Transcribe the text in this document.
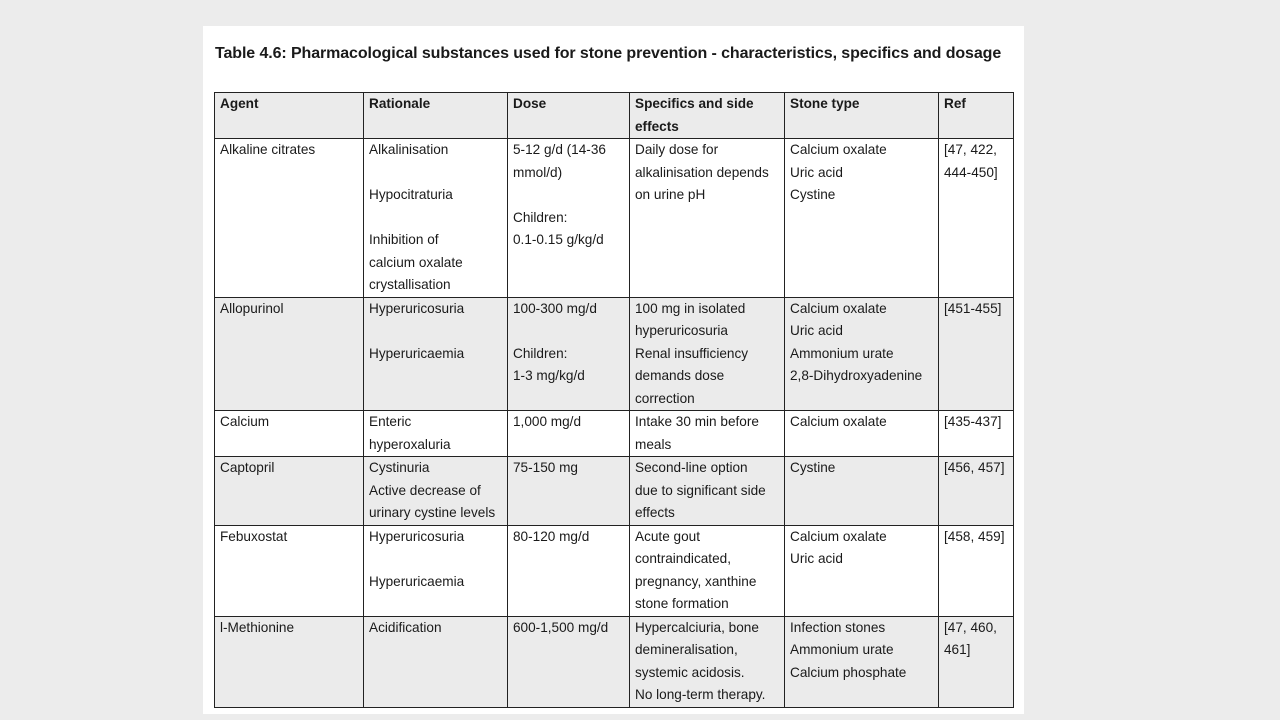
Table 4.6: Pharmacological substances used for stone prevention - characteristics, specifics and dosage
Agent	Rationale	Dose	Specifics and side
effects	Stone type	Ref

Alkaline citrates	Alkalinisation
Hypocitraturia
Inhibition of
calcium oxalate
crystallisation	5-12 g/d (14-36
mmol/d)
Children:
0.1-0.15 g/kg/d	Daily dose for
alkalinisation depends
on urine pH	Calcium oxalate
Uric acid
Cystine	[47, 422,
444-450]

Allopurinol	Hyperuricosuria
Hyperuricaemia	100-300 mg/d
Children:
1-3 mg/kg/d	100 mg in isolated
hyperuricosuria
Renal insufficiency
demands dose
correction	Calcium oxalate
Uric acid
Ammonium urate
2,8-Dihydroxyadenine	[451-455]

Calcium	Enteric
hyperoxaluria	1,000 mg/d	Intake 30 min before
meals	Calcium oxalate	[435-437]

Captopril	Cystinuria
Active decrease of
urinary cystine levels	75-150 mg	Second-line option
due to significant side
effects	Cystine	[456, 457]

Febuxostat	Hyperuricosuria
Hyperuricaemia	80-120 mg/d	Acute gout
contraindicated,
pregnancy, xanthine
stone formation	Calcium oxalate
Uric acid	[458, 459]

l-Methionine	Acidification	600-1,500 mg/d	Hypercalciuria, bone
demineralisation,
systemic acidosis.
No long-term therapy.	Infection stones
Ammonium urate
Calcium phosphate	[47, 460,
461]
